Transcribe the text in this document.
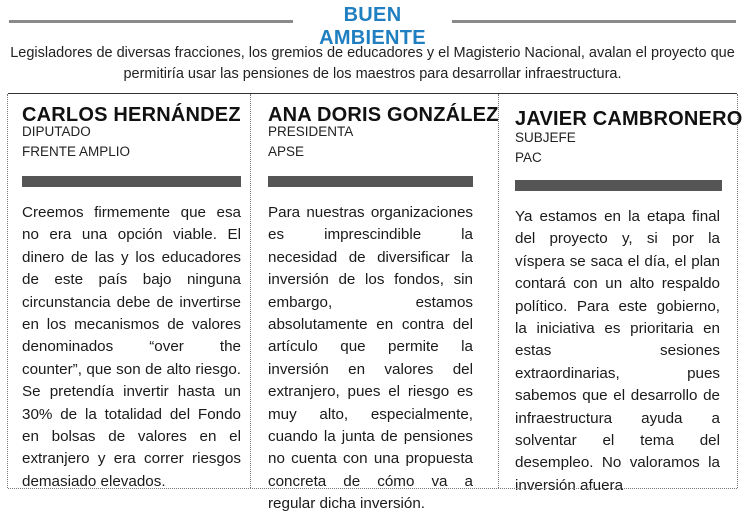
BUEN AMBIENTE
Legisladores de diversas fracciones, los gremios de educadores y el Magisterio Nacional, avalan el proyecto que permitiría usar las pensiones de los maestros para desarrollar infraestructura.
CARLOS HERNÁNDEZ
DIPUTADO
FRENTE AMPLIO
Creemos firmemente que esa no era una opción viable. El dinero de las y los educadores de este país bajo ninguna circunstancia debe de invertirse en los mecanismos de valores denominados “over the counter”, que son de alto riesgo. Se pretendía invertir hasta un 30% de la totalidad del Fondo en bolsas de valores en el extranjero y era correr riesgos demasiado elevados.
ANA DORIS GONZÁLEZ
PRESIDENTA
APSE
Para nuestras organizaciones es imprescindible la necesidad de diversificar la inversión de los fondos, sin embargo, estamos absolutamente en contra del artículo que permite la inversión en valores del extranjero, pues el riesgo es muy alto, especialmente, cuando la junta de pensiones no cuenta con una propuesta concreta de cómo va a regular dicha inversión.
JAVIER CAMBRONERO
SUBJEFE
PAC
Ya estamos en la etapa final del proyecto y, si por la víspera se saca el día, el plan contará con un alto respaldo político. Para este gobierno, la iniciativa es prioritaria en estas sesiones extraordinarias, pues sabemos que el desarrollo de infraestructura ayuda a solventar el tema del desempleo. No valoramos la inversión afuera
